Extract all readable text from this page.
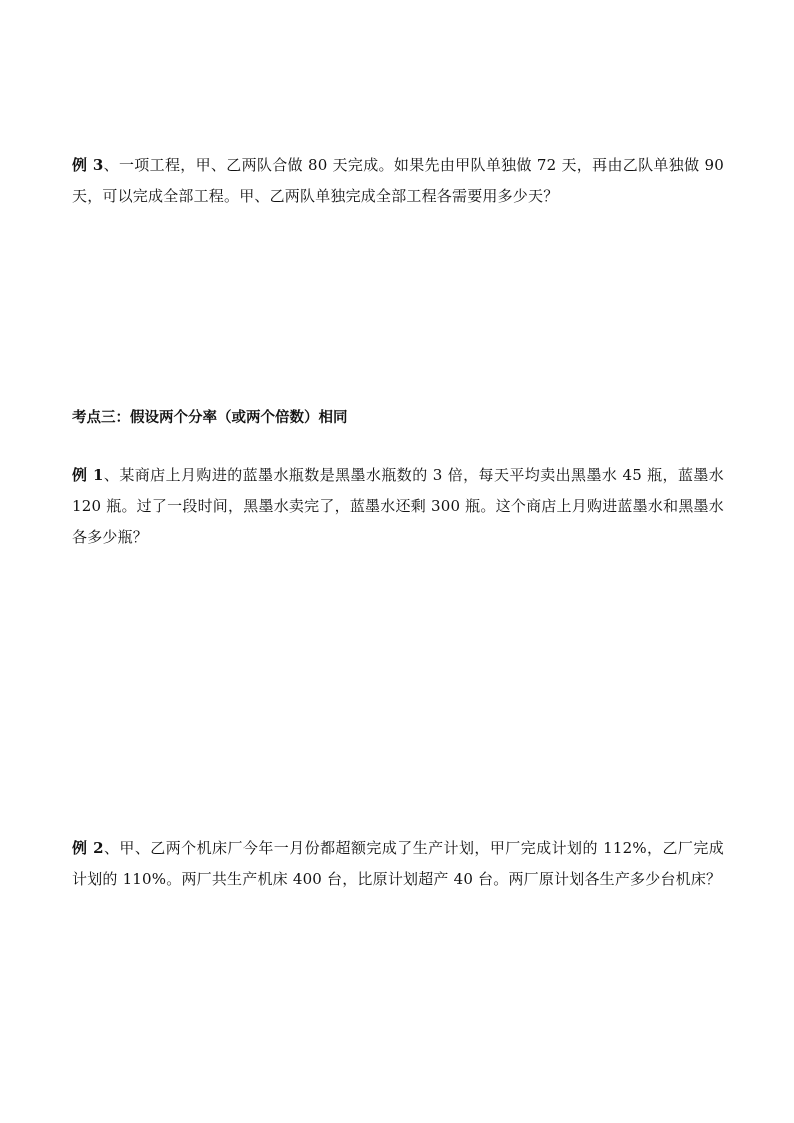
例 3、一项工程，甲、乙两队合做 80 天完成。如果先由甲队单独做 72 天，再由乙队单独做 90 天，可以完成全部工程。甲、乙两队单独完成全部工程各需要用多少天？
考点三：假设两个分率（或两个倍数）相同
例 1、某商店上月购进的蓝墨水瓶数是黑墨水瓶数的 3 倍，每天平均卖出黑墨水 45 瓶，蓝墨水 120 瓶。过了一段时间，黑墨水卖完了，蓝墨水还剩 300 瓶。这个商店上月购进蓝墨水和黑墨水各多少瓶？
例 2、甲、乙两个机床厂今年一月份都超额完成了生产计划，甲厂完成计划的 112%，乙厂完成计划的 110%。两厂共生产机床 400 台，比原计划超产 40 台。两厂原计划各生产多少台机床？
